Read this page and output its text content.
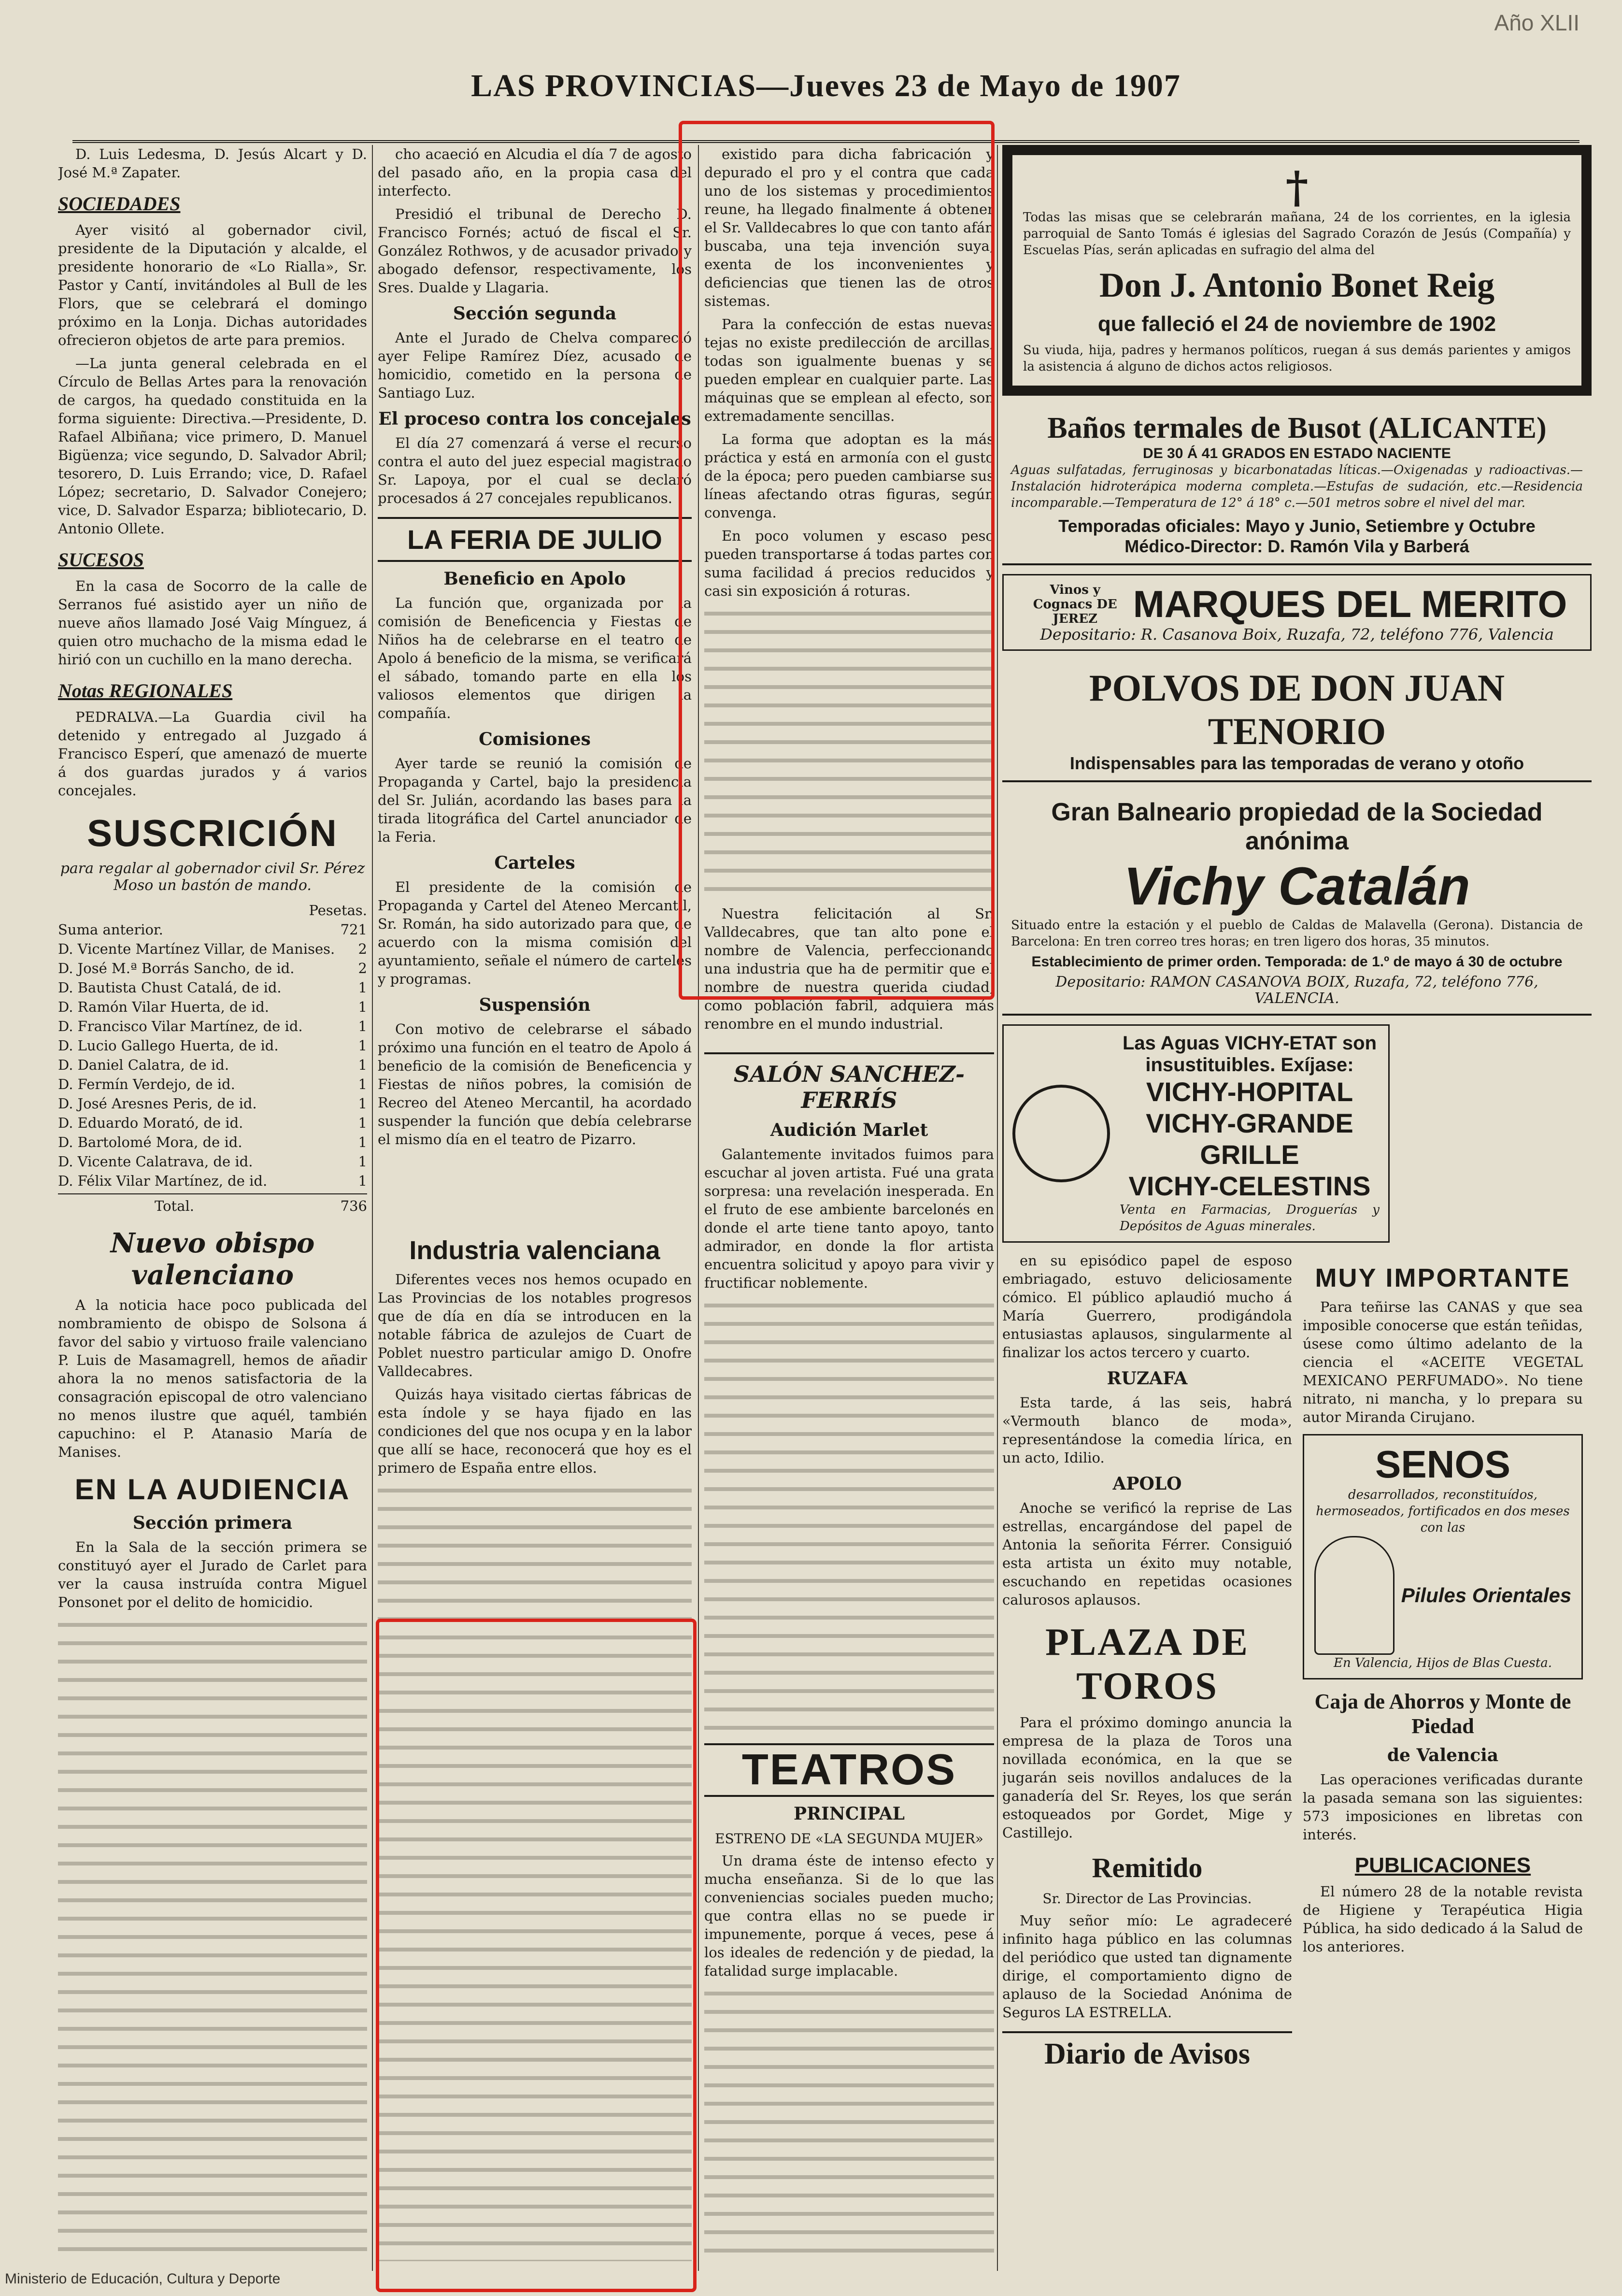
Año XLII
LAS PROVINCIAS—Jueves 23 de Mayo de 1907

D. Luis Ledesma, D. Jesús Alcart y D. José M.ª Zapater.

SOCIEDADES

Ayer visitó al gobernador civil, presidente de la Diputación y alcalde, el presidente honorario de «Lo Rialla», Sr. Pastor y Cantí, invitándoles al Bull de les Flors, que se celebrará el domingo próximo en la Lonja. Dichas autoridades ofrecieron objetos de arte para premios.

—La junta general celebrada en el Círculo de Bellas Artes para la renovación de cargos, ha quedado constituida en la forma siguiente: Directiva.—Presidente, D. Rafael Albiñana; vice primero, D. Manuel Bigüenza; vice segundo, D. Salvador Abril; tesorero, D. Luis Errando; vice, D. Rafael López; secretario, D. Salvador Conejero; vice, D. Salvador Esparza; bibliotecario, D. Antonio Ollete.

SUCESOS

En la casa de Socorro de la calle de Serranos fué asistido ayer un niño de nueve años llamado José Vaig Mínguez, á quien otro muchacho de la misma edad le hirió con un cuchillo en la mano derecha.

Notas REGIONALES

PEDRALVA.—La Guardia civil ha detenido y entregado al Juzgado á Francisco Esperí, que amenazó de muerte á dos guardas jurados y á varios concejales.

SUSCRICIÓN
para regalar al gobernador civil Sr. Pérez Moso un bastón de mando.
Pesetas.
Suma anterior.	721
D. Vicente Martínez Villar, de Manises. 2
D. José M.ª Borrás Sancho, de id.	2
D. Bautista Chust Catalá, de id.	1
D. Ramón Vilar Huerta, de id.	1
D. Francisco Vilar Martínez, de id.	1
D. Lucio Gallego Huerta, de id.	1
D. Daniel Calatra, de id.	1
D. Fermín Verdejo, de id.	1
D. José Aresnes Peris, de id.	1
D. Eduardo Morató, de id.	1
D. Bartolomé Mora, de id.	1
D. Vicente Calatrava, de id.	1
D. Félix Vilar Martínez, de id.	1
Total.	736
Nuevo obispo valenciano

A la noticia hace poco publicada del nombramiento de obispo de Solsona á favor del sabio y virtuoso fraile valenciano P. Luis de Masamagrell, hemos de añadir ahora la no menos satisfactoria de la consagración episcopal de otro valenciano no menos ilustre que aquél, también capuchino: el P. Atanasio María de Manises.

EN LA AUDIENCIA
Sección primera

En la Sala de la sección primera se constituyó ayer el Jurado de Carlet para ver la causa instruída contra Miguel Ponsonet por el delito de homicidio.

cho acaeció en Alcudia el día 7 de agosto del pasado año, en la propia casa del interfecto.

Presidió el tribunal de Derecho D. Francisco Fornés; actuó de fiscal el Sr. González Rothwos, y de acusador privado y abogado defensor, respectivamente, los Sres. Dualde y Llagaria.

Sección segunda

Ante el Jurado de Chelva compareció ayer Felipe Ramírez Díez, acusado de homicidio, cometido en la persona de Santiago Luz.

El proceso contra los concejales

El día 27 comenzará á verse el recurso contra el auto del juez especial magistrado Sr. Lapoya, por el cual se declaró procesados á 27 concejales republicanos.

LA FERIA DE JULIO
Beneficio en Apolo

La función que, organizada por la comisión de Beneficencia y Fiestas de Niños ha de celebrarse en el teatro de Apolo á beneficio de la misma, se verificará el sábado, tomando parte en ella los valiosos elementos que dirigen la compañía.

Comisiones

Ayer tarde se reunió la comisión de Propaganda y Cartel, bajo la presidencia del Sr. Julián, acordando las bases para la tirada litográfica del Cartel anunciador de la Feria.

Carteles

El presidente de la comisión de Propaganda y Cartel del Ateneo Mercantil, Sr. Román, ha sido autorizado para que, de acuerdo con la misma comisión del ayuntamiento, señale el número de carteles y programas.

Suspensión

Con motivo de celebrarse el sábado próximo una función en el teatro de Apolo á beneficio de la comisión de Beneficencia y Fiestas de niños pobres, la comisión de Recreo del Ateneo Mercantil, ha acordado suspender la función que debía celebrarse el mismo día en el teatro de Pizarro.

Industria valenciana

Diferentes veces nos hemos ocupado en Las Provincias de los notables progresos que de día en día se introducen en la notable fábrica de azulejos de Cuart de Poblet nuestro particular amigo D. Onofre Valldecabres.

Quizás haya visitado ciertas fábricas de esta índole y se haya fijado en las condiciones del que nos ocupa y en la labor que allí se hace, reconocerá que hoy es el primero de España entre ellos.

existido para dicha fabricación y depurado el pro y el contra que cada uno de los sistemas y procedimientos reune, ha llegado finalmente á obtener el Sr. Valldecabres lo que con tanto afán buscaba, una teja invención suya, exenta de los inconvenientes y deficiencias que tienen las de otros sistemas.

Para la confección de estas nuevas tejas no existe predilección de arcillas, todas son igualmente buenas y se pueden emplear en cualquier parte. Las máquinas que se emplean al efecto, son extremadamente sencillas.

La forma que adoptan es la más práctica y está en armonía con el gusto de la época; pero pueden cambiarse sus líneas afectando otras figuras, según convenga.

En poco volumen y escaso peso pueden transportarse á todas partes con suma facilidad á precios reducidos y casi sin exposición á roturas.

Nuestra felicitación al Sr. Valldecabres, que tan alto pone el nombre de Valencia, perfeccionando una industria que ha de permitir que el nombre de nuestra querida ciudad, como población fabril, adquiera más renombre en el mundo industrial.

SALÓN SANCHEZ-FERRÍS
Audición Marlet

Galantemente invitados fuimos para escuchar al joven artista. Fué una grata sorpresa: una revelación inesperada. En el fruto de ese ambiente barcelonés en donde el arte tiene tanto apoyo, tanto admirador, en donde la flor artista encuentra solicitud y apoyo para vivir y fructificar noblemente.

TEATROS
PRINCIPAL
ESTRENO DE «LA SEGUNDA MUJER»

Un drama éste de intenso efecto y mucha enseñanza. Si de lo que las conveniencias sociales pueden mucho; que contra ellas no se puede ir impunemente, porque á veces, pese á los ideales de redención y de piedad, la fatalidad surge implacable.

†
Todas las misas que se celebrarán mañana, 24 de los corrientes, en la iglesia parroquial de Santo Tomás é iglesias del Sagrado Corazón de Jesús (Compañía) y Escuelas Pías, serán aplicadas en sufragio del alma del
Don J. Antonio Bonet Reig
que falleció el 24 de noviembre de 1902
Su viuda, hija, padres y hermanos políticos, ruegan á sus demás parientes y amigos la asistencia á alguno de dichos actos religiosos.
Baños termales de Busot (ALICANTE)
DE 30 Á 41 GRADOS EN ESTADO NACIENTE
Aguas sulfatadas, ferruginosas y bicarbonatadas líticas.—Oxigenadas y radioactivas.—Instalación hidroterápica moderna completa.—Estufas de sudación, etc.—Residencia incomparable.—Temperatura de 12° á 18° c.—501 metros sobre el nivel del mar.
Temporadas oficiales: Mayo y Junio, Setiembre y Octubre
Médico-Director: D. Ramón Vila y Barberá
Vinos y Cognacs DE JEREZ MARQUES DEL MERITO
Depositario: R. Casanova Boix, Ruzafa, 72, teléfono 776, Valencia
POLVOS DE DON JUAN TENORIO
Indispensables para las temporadas de verano y otoño
Gran Balneario propiedad de la Sociedad anónima
Vichy Catalán
Situado entre la estación y el pueblo de Caldas de Malavella (Gerona). Distancia de Barcelona: En tren correo tres horas; en tren ligero dos horas, 35 minutos.
Establecimiento de primer orden. Temporada: de 1.º de mayo á 30 de octubre
Depositario: RAMON CASANOVA BOIX, Ruzafa, 72, teléfono 776, VALENCIA.
Las Aguas VICHY-ETAT son insustituibles. Exíjase:
VICHY-HOPITAL
VICHY-GRANDE GRILLE
VICHY-CELESTINS
Venta en Farmacias, Droguerías y Depósitos de Aguas minerales.

en su episódico papel de esposo embriagado, estuvo deliciosamente cómico. El público aplaudió mucho á María Guerrero, prodigándola entusiastas aplausos, singularmente al finalizar los actos tercero y cuarto.

RUZAFA

Esta tarde, á las seis, habrá «Vermouth blanco de moda», representándose la comedia lírica, en un acto, Idilio.

APOLO

Anoche se verificó la reprise de Las estrellas, encargándose del papel de Antonia la señorita Férrer. Consiguió esta artista un éxito muy notable, escuchando en repetidas ocasiones calurosos aplausos.

PLAZA DE TOROS

Para el próximo domingo anuncia la empresa de la plaza de Toros una novillada económica, en la que se jugarán seis novillos andaluces de la ganadería del Sr. Reyes, los que serán estoqueados por Gordet, Mige y Castillejo.

Remitido
Sr. Director de Las Provincias.

Muy señor mío: Le agradeceré infinito haga público en las columnas del periódico que usted tan dignamente dirige, el comportamiento digno de aplauso de la Sociedad Anónima de Seguros LA ESTRELLA.

Diario de Avisos
MUY IMPORTANTE

Para teñirse las CANAS y que sea imposible conocerse que están teñidas, úsese como último adelanto de la ciencia el «ACEITE VEGETAL MEXICANO PERFUMADO». No tiene nitrato, ni mancha, y lo prepara su autor Miranda Cirujano.

SENOS
desarrollados, reconstituídos, hermoseados, fortificados en dos meses con las
Pilules Orientales
En Valencia, Hijos de Blas Cuesta.
Caja de Ahorros y Monte de Piedad
de Valencia

Las operaciones verificadas durante la pasada semana son las siguientes: 573 imposiciones en libretas con interés.

PUBLICACIONES

El número 28 de la notable revista de Higiene y Terapéutica Higia Pública, ha sido dedicado á la Salud de los anteriores.

Ministerio de Educación, Cultura y Deporte
